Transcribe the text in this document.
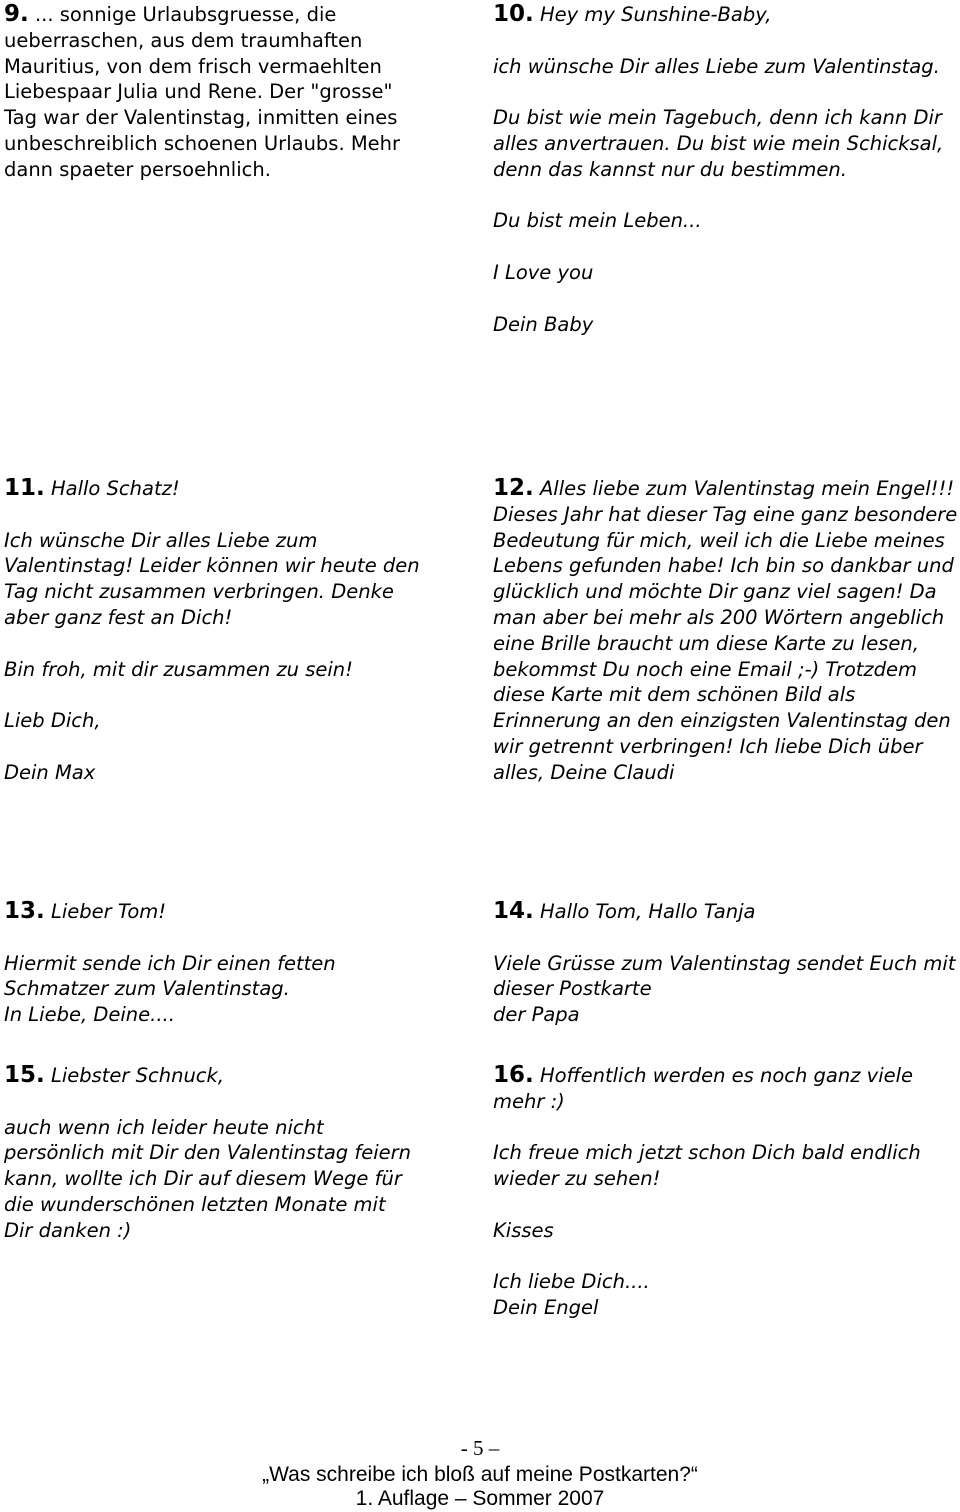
9. ... sonnige Urlaubsgruesse, die ueberraschen, aus dem traumhaften Mauritius, von dem frisch vermaehlten Liebespaar Julia und Rene. Der "grosse" Tag war der Valentinstag, inmitten eines unbeschreiblich schoenen Urlaubs. Mehr dann spaeter persoehnlich.

10. Hey my Sunshine-Baby,

ich wünsche Dir alles Liebe zum Valentinstag.

Du bist wie mein Tagebuch, denn ich kann Dir alles anvertrauen. Du bist wie mein Schicksal, denn das kannst nur du bestimmen.

Du bist mein Leben...

I Love you

Dein Baby

11. Hallo Schatz!

Ich wünsche Dir alles Liebe zum Valentinstag! Leider können wir heute den Tag nicht zusammen verbringen. Denke aber ganz fest an Dich!

Bin froh, mit dir zusammen zu sein!

Lieb Dich,

Dein Max

12. Alles liebe zum Valentinstag mein Engel!!! Dieses Jahr hat dieser Tag eine ganz besondere Bedeutung für mich, weil ich die Liebe meines Lebens gefunden habe! Ich bin so dankbar und glücklich und möchte Dir ganz viel sagen! Da man aber bei mehr als 200 Wörtern angeblich eine Brille braucht um diese Karte zu lesen, bekommst Du noch eine Email ;-) Trotzdem diese Karte mit dem schönen Bild als Erinnerung an den einzigsten Valentinstag den wir getrennt verbringen! Ich liebe Dich über alles, Deine Claudi

13. Lieber Tom!

Hiermit sende ich Dir einen fetten Schmatzer zum Valentinstag.

In Liebe, Deine....

14. Hallo Tom, Hallo Tanja

Viele Grüsse zum Valentinstag sendet Euch mit dieser Postkarte

der Papa

15. Liebster Schnuck,

auch wenn ich leider heute nicht persönlich mit Dir den Valentinstag feiern kann, wollte ich Dir auf diesem Wege für die wunderschönen letzten Monate mit Dir danken :)

16. Hoffentlich werden es noch ganz viele mehr :)

Ich freue mich jetzt schon Dich bald endlich wieder zu sehen!

Kisses

Ich liebe Dich....

Dein Engel

- 5 –
„Was schreibe ich bloß auf meine Postkarten?“
1. Auflage – Sommer 2007
